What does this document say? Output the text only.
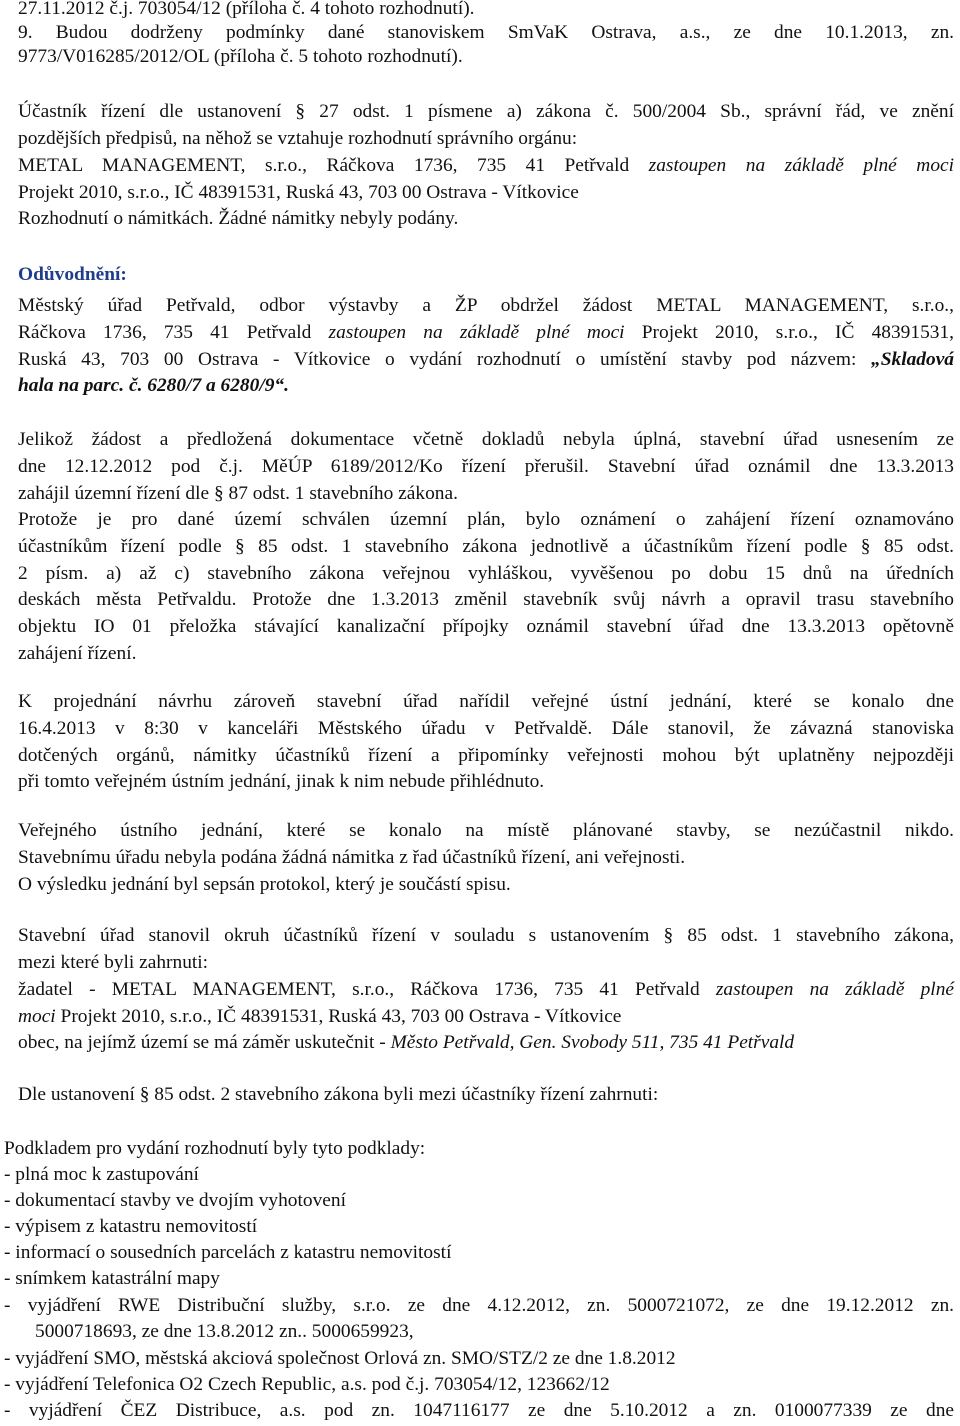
27.11.2012 č.j. 703054/12 (příloha č. 4 tohoto rozhodnutí).
9. Budou dodrženy podmínky dané stanoviskem SmVaK Ostrava, a.s., ze dne 10.1.2013, zn.
9773/V016285/2012/OL (příloha č. 5 tohoto rozhodnutí).
Účastník řízení dle ustanovení § 27 odst. 1 písmene a) zákona č. 500/2004 Sb., správní řád, ve znění
pozdějších předpisů, na něhož se vztahuje rozhodnutí správního orgánu:
METAL MANAGEMENT, s.r.o., Ráčkova 1736, 735 41 Petřvald zastoupen na základě plné moci
Projekt 2010, s.r.o., IČ 48391531, Ruská 43, 703 00 Ostrava - Vítkovice
Rozhodnutí o námitkách. Žádné námitky nebyly podány.
Odůvodnění:
Městský úřad Petřvald, odbor výstavby a ŽP obdržel žádost METAL MANAGEMENT, s.r.o.,
Ráčkova 1736, 735 41 Petřvald zastoupen na základě plné moci Projekt 2010, s.r.o., IČ 48391531,
Ruská 43, 703 00 Ostrava - Vítkovice o vydání rozhodnutí o umístění stavby pod názvem: „Skladová
hala na parc. č. 6280/7 a 6280/9“.
Jelikož žádost a předložená dokumentace včetně dokladů nebyla úplná, stavební úřad usnesením ze
dne 12.12.2012 pod č.j. MěÚP 6189/2012/Ko řízení přerušil. Stavební úřad oznámil dne 13.3.2013
zahájil územní řízení dle § 87 odst. 1 stavebního zákona.
Protože je pro dané území schválen územní plán, bylo oznámení o zahájení řízení oznamováno
účastníkům řízení podle § 85 odst. 1 stavebního zákona jednotlivě a účastníkům řízení podle § 85 odst.
2 písm. a) až c) stavebního zákona veřejnou vyhláškou, vyvěšenou po dobu 15 dnů na úředních
deskách města Petřvaldu. Protože dne 1.3.2013 změnil stavebník svůj návrh a opravil trasu stavebního
objektu IO 01 přeložka stávající kanalizační přípojky oznámil stavební úřad dne 13.3.2013 opětovně
zahájení řízení.
K projednání návrhu zároveň stavební úřad nařídil veřejné ústní jednání, které se konalo dne
16.4.2013 v 8:30 v kanceláři Městského úřadu v Petřvaldě. Dále stanovil, že závazná stanoviska
dotčených orgánů, námitky účastníků řízení a připomínky veřejnosti mohou být uplatněny nejpozději
při tomto veřejném ústním jednání, jinak k nim nebude přihlédnuto.
Veřejného ústního jednání, které se konalo na místě plánované stavby, se nezúčastnil nikdo.
Stavebnímu úřadu nebyla podána žádná námitka z řad účastníků řízení, ani veřejnosti.
O výsledku jednání byl sepsán protokol, který je součástí spisu.
Stavební úřad stanovil okruh účastníků řízení v souladu s ustanovením § 85 odst. 1 stavebního zákona,
mezi které byli zahrnuti:
žadatel - METAL MANAGEMENT, s.r.o., Ráčkova 1736, 735 41 Petřvald zastoupen na základě plné
moci Projekt 2010, s.r.o., IČ 48391531, Ruská 43, 703 00 Ostrava - Vítkovice
obec, na jejímž území se má záměr uskutečnit - Město Petřvald, Gen. Svobody 511, 735 41 Petřvald
Dle ustanovení § 85 odst. 2 stavebního zákona byli mezi účastníky řízení zahrnuti:
Podkladem pro vydání rozhodnutí byly tyto podklady:
- plná moc k zastupování
- dokumentací stavby ve dvojím vyhotovení
- výpisem z katastru nemovitostí
- informací o sousedních parcelách z katastru nemovitostí
- snímkem katastrální mapy
- vyjádření RWE Distribuční služby, s.r.o. ze dne 4.12.2012, zn. 5000721072, ze dne 19.12.2012 zn.
5000718693, ze dne 13.8.2012 zn.. 5000659923,
- vyjádření SMO, městská akciová společnost Orlová zn. SMO/STZ/2 ze dne 1.8.2012
- vyjádření Telefonica O2 Czech Republic, a.s. pod č.j. 703054/12, 123662/12
- vyjádření ČEZ Distribuce, a.s. pod zn. 1047116177 ze dne 5.10.2012 a zn. 0100077339 ze dne
